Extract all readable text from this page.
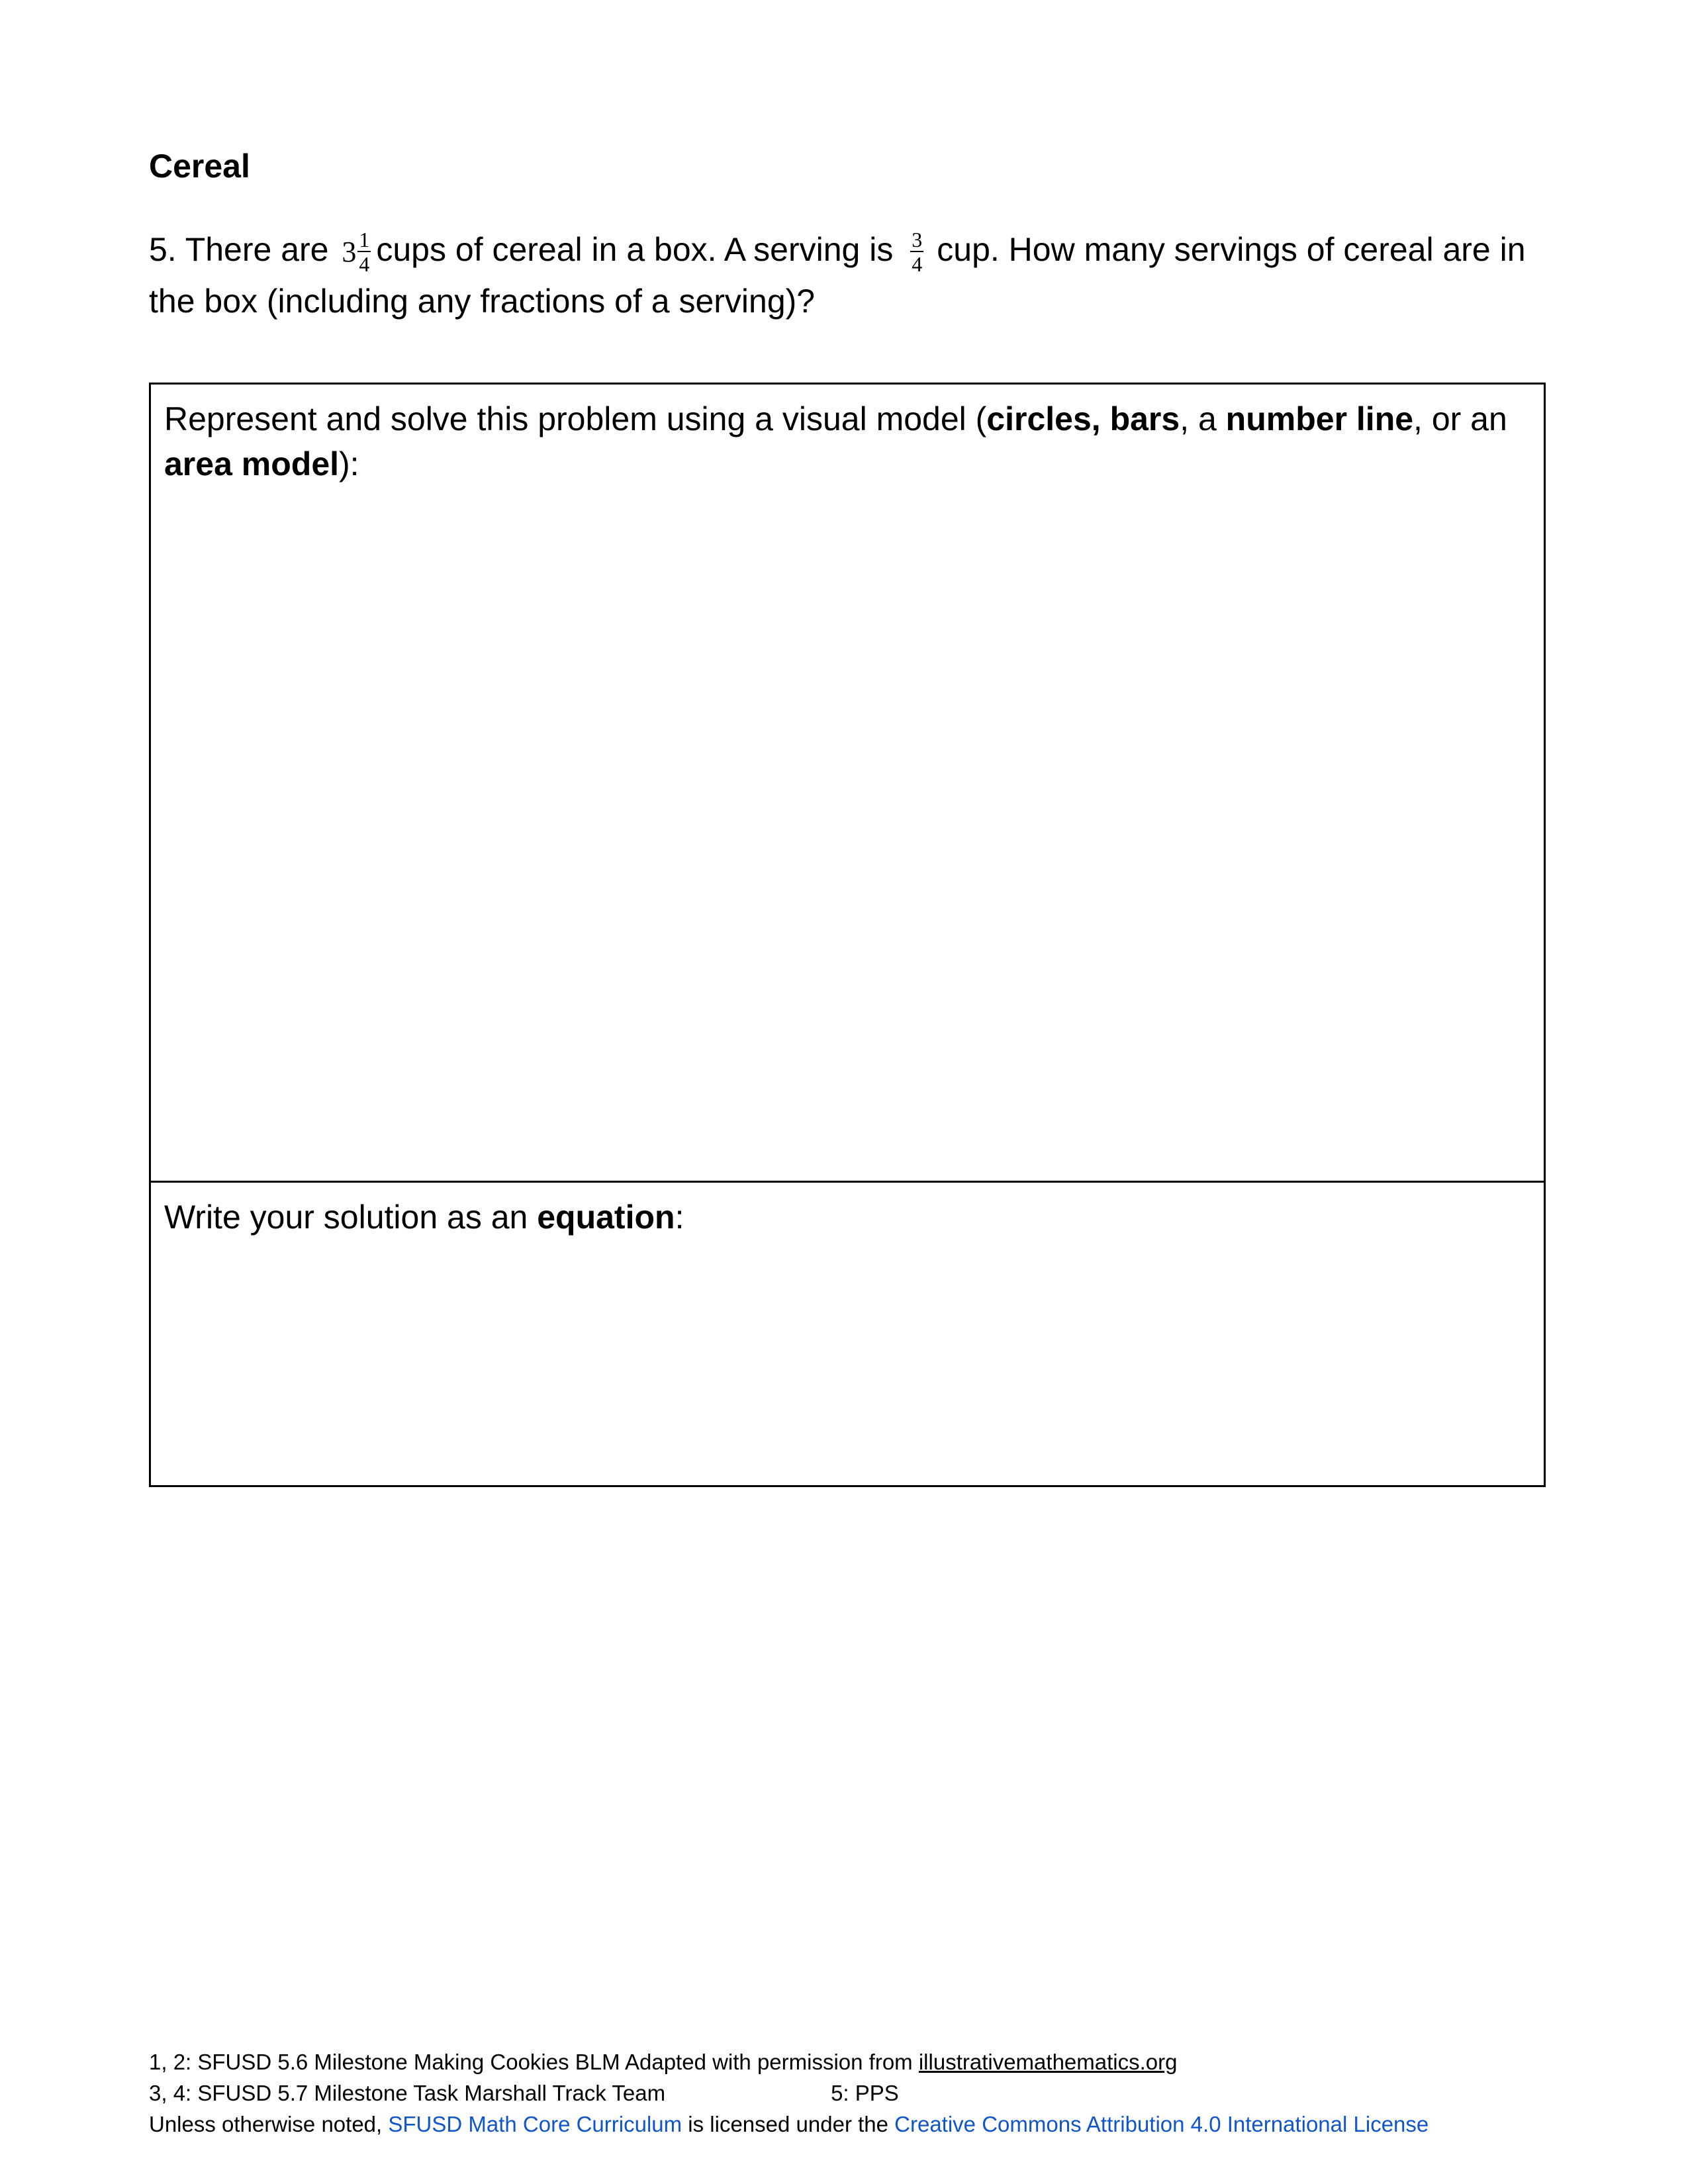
Cereal

5. There are $3 \frac{1}{4}$ cups of cereal in a box. A serving is $\frac{3}{4}$ cup. How many servings of cereal are in the box (including any fractions of a serving)?

Represent and solve this problem using a visual model (circles, bars, a number line, or an area model):
Write your solution as an equation:
1, 2: SFUSD 5.6 Milestone Making Cookies BLM Adapted with permission from illustrativemathematics.org
3, 4: SFUSD 5.7 Milestone Task Marshall Track Team	5: PPS
Unless otherwise noted, SFUSD Math Core Curriculum is licensed under the Creative Commons Attribution 4.0 International License
